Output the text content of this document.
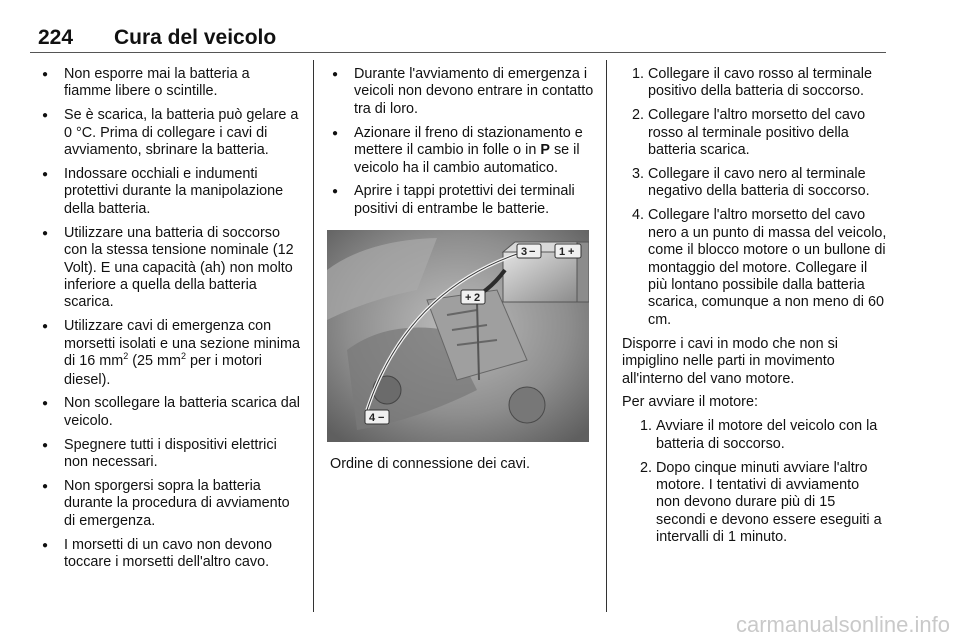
224 Cura del veicolo
● Non esporre mai la batteria a fiamme libere o scintille.
● Se è scarica, la batteria può gelare a 0 °C. Prima di collegare i cavi di avviamento, sbrinare la batteria.
● Indossare occhiali e indumenti protettivi durante la manipolazione della batteria.
● Utilizzare una batteria di soccorso con la stessa tensione nominale (12 Volt). E una capacità (ah) non molto inferiore a quella della batteria scarica.
● Utilizzare cavi di emergenza con morsetti isolati e una sezione minima di 16 $mm^2$ (25 $mm^2$ per i motori diesel).
● Non scollegare la batteria scarica dal veicolo.
● Spegnere tutti i dispositivi elettrici non necessari.
● Non sporgersi sopra la batteria durante la procedura di avviamento di emergenza.
● I morsetti di un cavo non devono toccare i morsetti dell'altro cavo.
● Durante l'avviamento di emergenza i veicoli non devono entrare in contatto tra di loro.
● Azionare il freno di stazionamento e mettere il cambio in folle o in P se il veicolo ha il cambio automatico.
● Aprire i tappi protettivi dei terminali positivi di entrambe le batterie.
+ 2
3 − 1 +
4 −
Ordine di connessione dei cavi.
1. Collegare il cavo rosso al terminale positivo della batteria di soccorso.
2. Collegare l'altro morsetto del cavo rosso al terminale positivo della batteria scarica.
3. Collegare il cavo nero al terminale negativo della batteria di soccorso.
4. Collegare l'altro morsetto del cavo nero a un punto di massa del veicolo, come il blocco motore o un bullone di montaggio del motore. Collegare il più lontano possibile dalla batteria scarica, comunque a non meno di 60 cm.
Disporre i cavi in modo che non si impiglino nelle parti in movimento all'interno del vano motore.
Per avviare il motore:
1. Avviare il motore del veicolo con la batteria di soccorso.
2. Dopo cinque minuti avviare l'altro motore. I tentativi di avviamento non devono durare più di 15 secondi e devono essere eseguiti a intervalli di 1 minuto.
carmanualsonline.info
